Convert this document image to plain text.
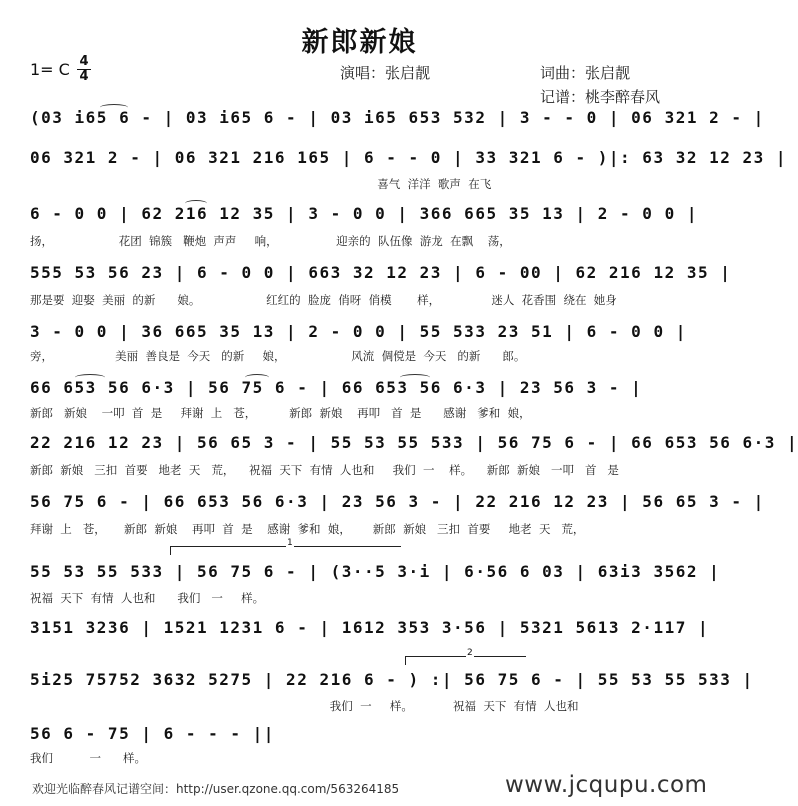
新郎新娘
1= C $\frac{4}{4}$	演唱：张启靓	词曲：张启靓
记谱：桃李醉春风
(03 i65 6 - | 03 i65 6 - | 03 i65 653 532 | 3 - - 0 | 06 321 2 - |
06 321 2 - | 06 321 216 165 | 6 - - 0 | 33 321 6 - )|: 63 32 12 23 |
喜气  洋洋  歌声  在飞
6 - 0 0 | 62 216 12 35 | 3 - 0 0 | 366 665 35 13 | 2 - 0 0 |
扬，                  花团  锦簇   鞭炮  声声     响，                迎亲的  队伍像  游龙  在飘    荡，
555 53 56 23 | 6 - 0 0 | 663 32 12 23 | 6 - 00 | 62 216 12 35 |
那是要  迎娶  美丽  的新      娘。                  红红的  脸庞  俏呀  俏模       样，              迷人  花香围  绕在  她身
3 - 0 0 | 36 665 35 13 | 2 - 0 0 | 55 533 23 51 | 6 - 0 0 |
旁，                 美丽  善良是  今天   的新     娘，                  风流  倜傥是  今天   的新      郎。
66 653 56 6·3 | 56 75 6 - | 66 653 56 6·3 | 23 56 3 - |
新郎   新娘    一叩  首  是     拜谢  上   苍，         新郎  新娘    再叩   首  是      感谢   爹和  娘，
22 216 12 23 | 56 65 3 - | 55 53 55 533 | 56 75 6 - | 66 653 56 6·3 |
新郎  新娘   三扣  首要   地老  天   荒，    祝福  天下  有情  人也和     我们  一    样。    新郎  新娘   一叩   首   是
56 75 6 - | 66 653 56 6·3 | 23 56 3 - | 22 216 12 23 | 56 65 3 - |
拜谢  上   苍，     新郎  新娘    再叩  首  是    感谢  爹和  娘，      新郎  新娘   三扣  首要     地老  天   荒，
1
55 53 55 533 | 56 75 6 - | (3··5 3·i | 6·56 6 03 | 63i3 3562 |
祝福  天下  有情  人也和      我们   一     样。
3151 3236 | 1521 1231 6 - | 1612 353 3·56 | 5321 5613 2·117 |
2
5i25 75752 3632 5275 | 22 216 6 - ) :| 56 75 6 - | 55 53 55 533 |
我们  一     样。           祝福  天下  有情  人也和
56 6 - 75 | 6 - - - ||
我们          一      样。
欢迎光临醉春风记谱空间：http://user.qzone.qq.com/563264185	www.jcqupu.com
